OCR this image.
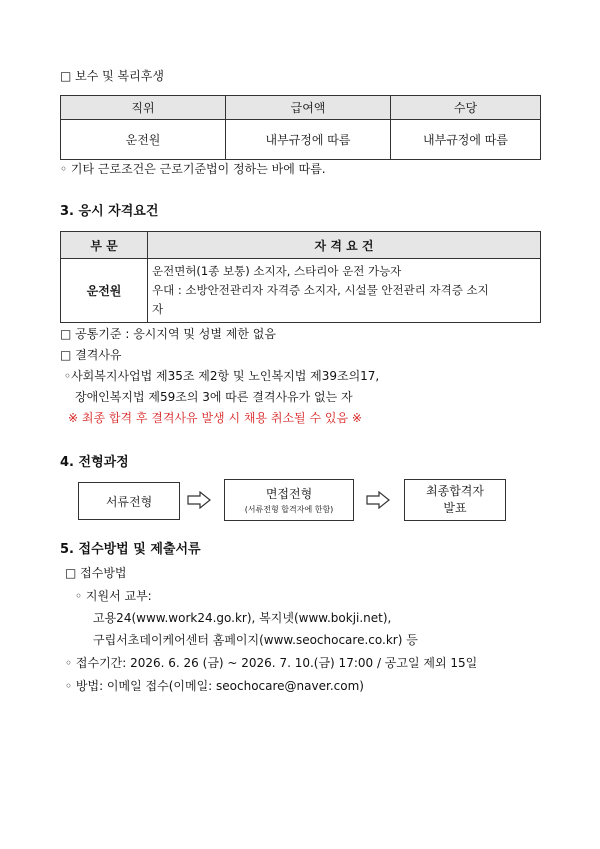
□ 보수 및 복리후생
직위	급여액	수당
운전원	내부규정에 따름	내부규정에 따름
◦ 기타 근로조건은 근로기준법이 정하는 바에 따름.
3. 응시 자격요건
부 문	자 격 요 건
운전원	운전면허(1종 보통) 소지자, 스타리아 운전 가능자
우대 : 소방안전관리자 자격증 소지자, 시설물 안전관리 자격증 소지
자
□ 공통기준 : 응시지역 및 성별 제한 없음
□ 결격사유
◦사회복지사업법 제35조 제2항 및 노인복지법 제39조의17,
장애인복지법 제59조의 3에 따른 결격사유가 없는 자
※ 최종 합격 후 결격사유 발생 시 채용 취소될 수 있음 ※
4. 전형과정
서류전형
면접전형
(서류전형 합격자에 한함)
최종합격자
발표
5. 접수방법 및 제출서류
□ 접수방법
◦ 지원서 교부:
고용24(www.work24.go.kr), 복지넷(www.bokji.net),
구립서초데이케어센터 홈페이지(www.seochocare.co.kr) 등
◦ 접수기간: 2026. 6. 26 (금) ~ 2026. 7. 10.(금) 17:00 / 공고일 제외 15일
◦ 방법: 이메일 접수(이메일: seochocare@naver.com)
